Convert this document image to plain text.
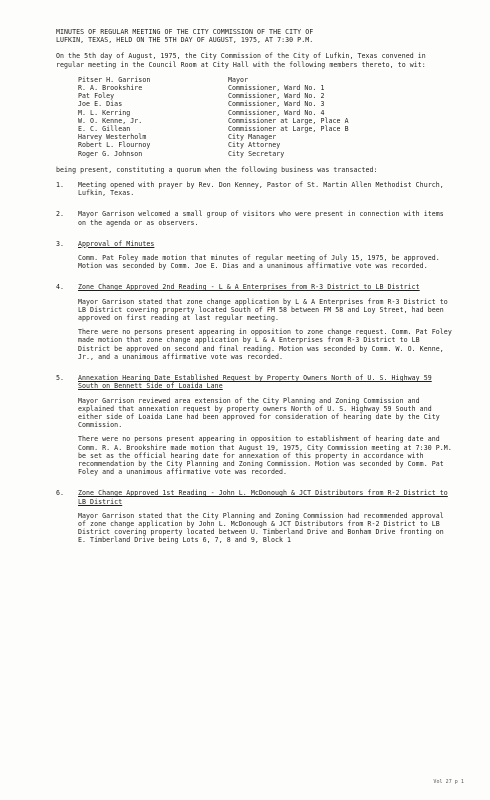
MINUTES OF REGULAR MEETING OF THE CITY COMMISSION OF THE CITY OF
LUFKIN, TEXAS, HELD ON THE 5TH DAY OF AUGUST, 1975, AT 7:30 P.M.

On the 5th day of August, 1975, the City Commission of the City of Lufkin, Texas convened in regular meeting in the Council Room at City Hall with the following members thereto, to wit:

Pitser H. Garrison	Mayor
R. A. Brookshire	Commissioner, Ward No. 1
Pat Foley	Commissioner, Ward No. 2
Joe E. Dias	Commissioner, Ward No. 3
M. L. Kerring	Commissioner, Ward No. 4
W. O. Kenne, Jr.	Commissioner at Large, Place A
E. C. Gillean	Commissioner at Large, Place B
Harvey Westerholm	City Manager
Robert L. Flournoy	City Attorney
Roger G. Johnson	City Secretary

being present, constituting a quorum when the following business was transacted:

1.	Meeting opened with prayer by Rev. Don Kenney, Pastor of St. Martin Allen Methodist Church, Lufkin, Texas.

2.	Mayor Garrison welcomed a small group of visitors who were present in connection with items on the agenda or as observers.

3.	Approval of Minutes

Comm. Pat Foley made motion that minutes of regular meeting of July 15, 1975, be approved. Motion was seconded by Comm. Joe E. Dias and a unanimous affirmative vote was recorded.

4.	Zone Change Approved 2nd Reading - L & A Enterprises from R-3 District to LB District

Mayor Garrison stated that zone change application by L & A Enterprises from R-3 District to LB District covering property located South of FM 58 between FM 58 and Loy Street, had been approved on first reading at last regular meeting.

There were no persons present appearing in opposition to zone change request. Comm. Pat Foley made motion that zone change application by L & A Enterprises from R-3 District to LB District be approved on second and final reading. Motion was seconded by Comm. W. O. Kenne, Jr., and a unanimous affirmative vote was recorded.

5.	Annexation Hearing Date Established Request by Property Owners North of U. S. Highway 59 South on Bennett Side of Loaida Lane

Mayor Garrison reviewed area extension of the City Planning and Zoning Commission and explained that annexation request by property owners North of U. S. Highway 59 South and either side of Loaida Lane had been approved for consideration of hearing date by the City Commission.

There were no persons present appearing in opposition to establishment of hearing date and Comm. R. A. Brookshire made motion that August 19, 1975, City Commission meeting at 7:30 P.M. be set as the official hearing date for annexation of this property in accordance with recommendation by the City Planning and Zoning Commission. Motion was seconded by Comm. Pat Foley and a unanimous affirmative vote was recorded.

6.	Zone Change Approved 1st Reading - John L. McDonough & JCT Distributors from R-2 District to LB District

Mayor Garrison stated that the City Planning and Zoning Commission had recommended approval of zone change application by John L. McDonough & JCT Distributors from R-2 District to LB District covering property located between U. Timberland Drive and Bonham Drive fronting on E. Timberland Drive being Lots 6, 7, 8 and 9, Block 1

Vol 27 p 1
